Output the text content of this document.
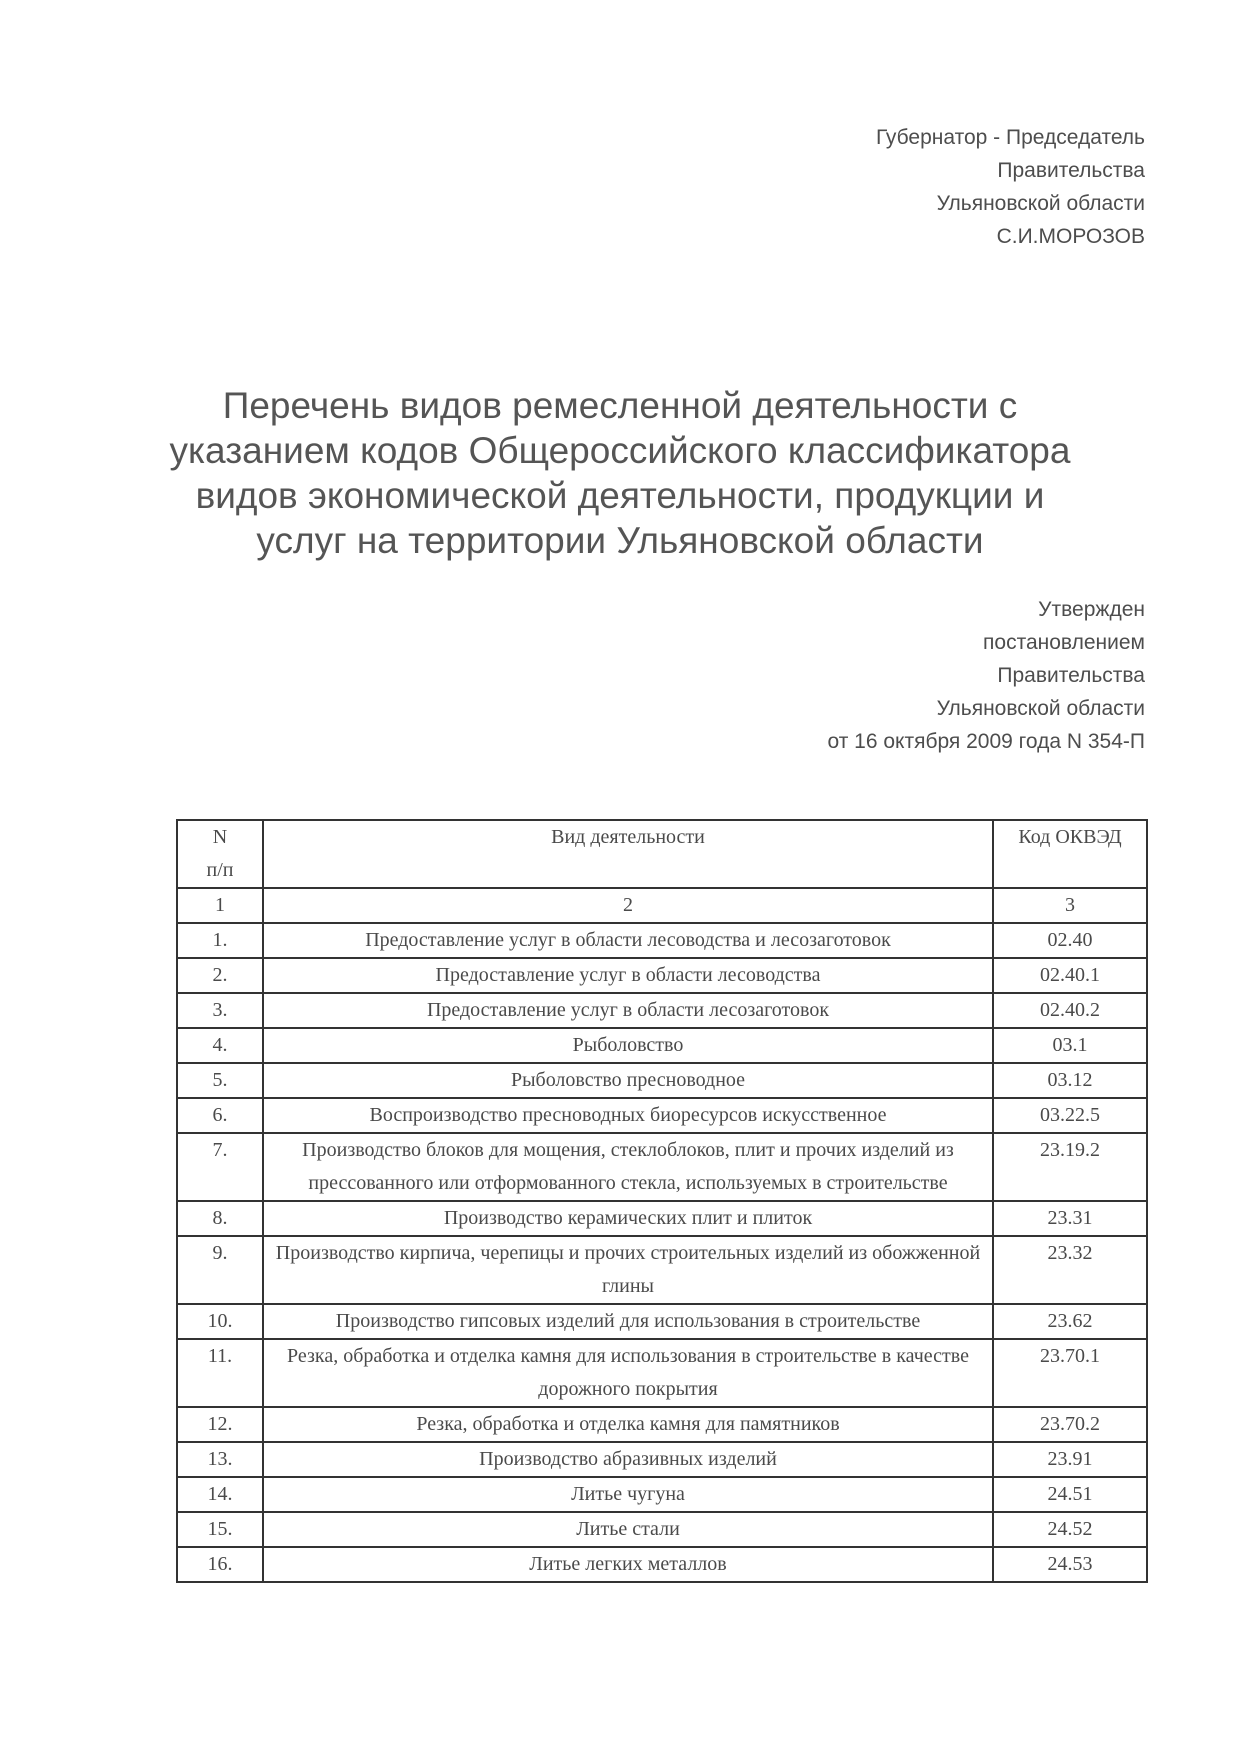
Губернатор - Председатель
Правительства
Ульяновской области
С.И.МОРОЗОВ
Перечень видов ремесленной деятельности с
указанием кодов Общероссийского классификатора
видов экономической деятельности, продукции и
услуг на территории Ульяновской области
Утвержден
постановлением
Правительства
Ульяновской области
от 16 октября 2009 года N 354-П
N
п/п	Вид деятельности	Код ОКВЭД
1	2	3
1.	Предоставление услуг в области лесоводства и лесозаготовок	02.40
2.	Предоставление услуг в области лесоводства	02.40.1
3.	Предоставление услуг в области лесозаготовок	02.40.2
4.	Рыболовство	03.1
5.	Рыболовство пресноводное	03.12
6.	Воспроизводство пресноводных биоресурсов искусственное	03.22.5
7.	Производство блоков для мощения, стеклоблоков, плит и прочих изделий из прессованного или отформованного стекла, используемых в строительстве	23.19.2
8.	Производство керамических плит и плиток	23.31
9.	Производство кирпича, черепицы и прочих строительных изделий из обожженной глины	23.32
10.	Производство гипсовых изделий для использования в строительстве	23.62
11.	Резка, обработка и отделка камня для использования в строительстве в качестве дорожного покрытия	23.70.1
12.	Резка, обработка и отделка камня для памятников	23.70.2
13.	Производство абразивных изделий	23.91
14.	Литье чугуна	24.51
15.	Литье стали	24.52
16.	Литье легких металлов	24.53
